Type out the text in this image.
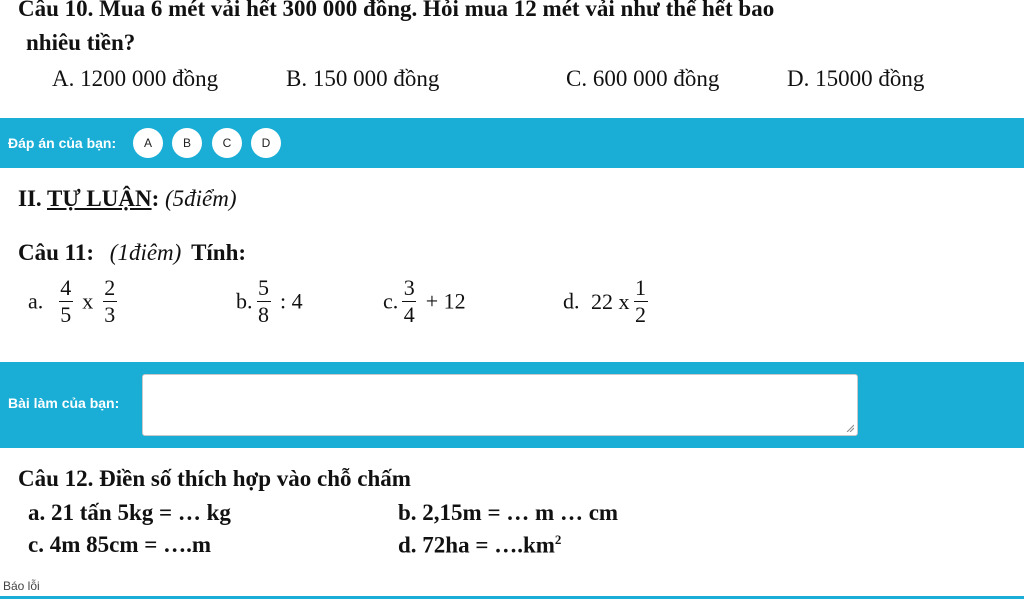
Câu 10. Mua 6 mét vải hết 300 000 đồng. Hỏi mua 12 mét vải như thế hết bao
nhiêu tiền?
A. 1200 000 đồng	B. 150 000 đồng	C. 600 000 đồng	D. 15000 đồng
Đáp án của bạn:	A	B	C	D
II. TỰ LUẬN: (5điểm)
Câu 11: (1điêm) Tính:
a. $\frac{4}{5}$ x $\frac{2}{3}$	b. $\frac{5}{8}$ : 4	c. $\frac{3}{4} + 12$	d. 22 x $\frac{1}{2}$
Bài làm của bạn:
Câu 12. Điền số thích hợp vào chỗ chấm
a. 21 tấn 5kg = … kg	b. 2,15m = … m … cm
c. 4m 85cm = ….m	d. $72ha = \dots.km^2$
Báo lỗi
